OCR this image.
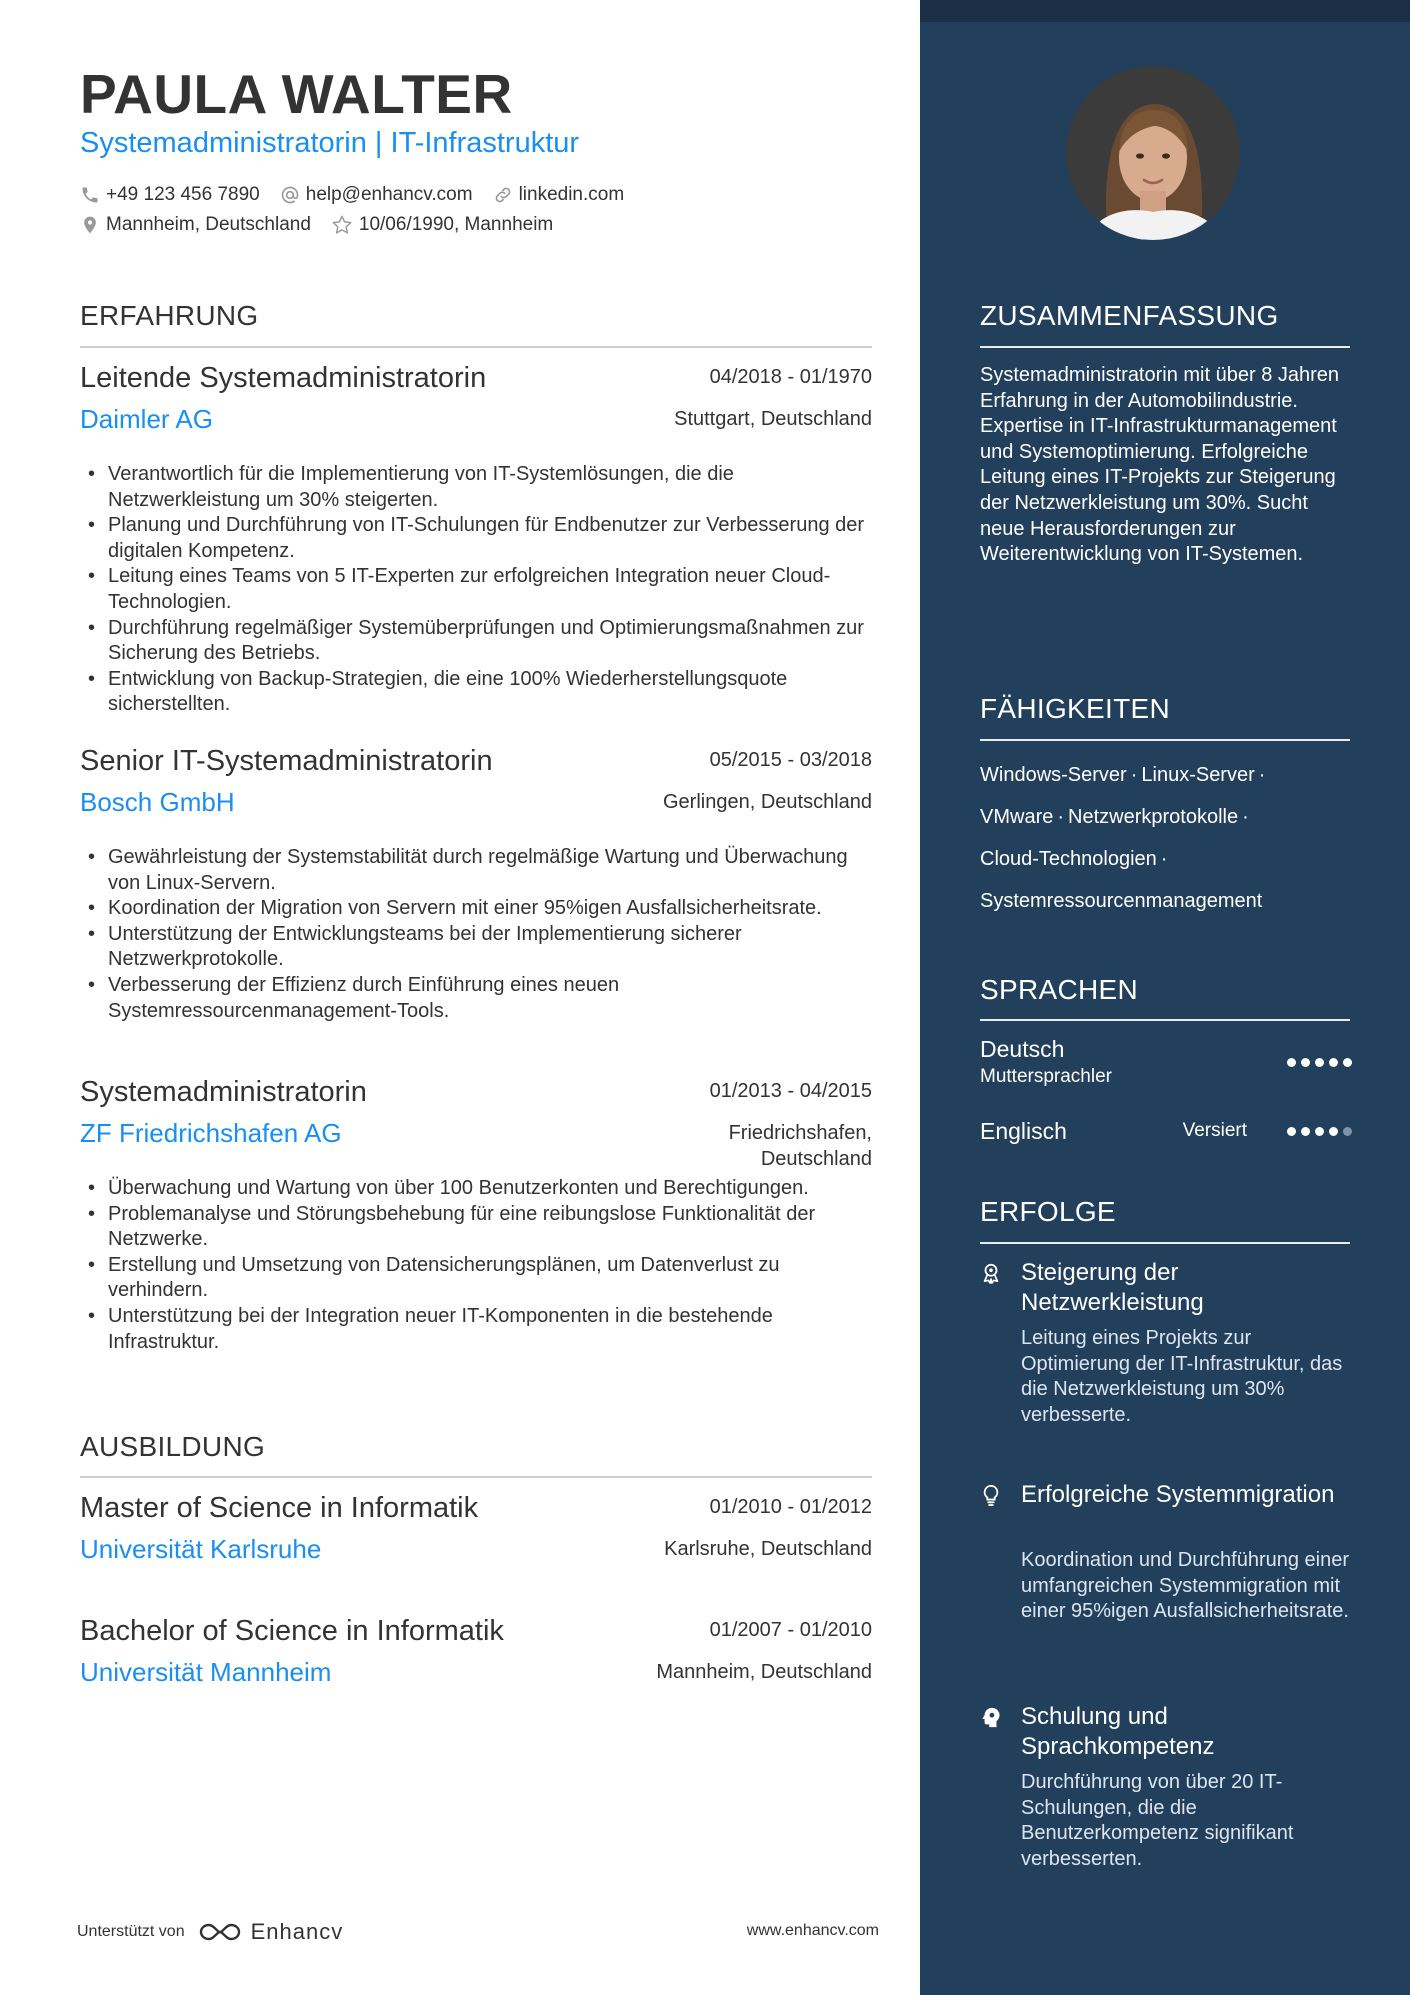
PAULA WALTER
Systemadministratorin | IT-Infrastruktur
+49 123 456 7890 help@enhancv.com linkedin.com
Mannheim, Deutschland	10/06/1990, Mannheim
ERFAHRUNG
Leitende Systemadministratorin	04/2018 - 01/1970
Daimler AG	Stuttgart, Deutschland
• Verantwortlich für die Implementierung von IT-Systemlösungen, die die Netzwerkleistung um 30% steigerten.
• Planung und Durchführung von IT-Schulungen für Endbenutzer zur Verbesserung der digitalen Kompetenz.
• Leitung eines Teams von 5 IT-Experten zur erfolgreichen Integration neuer Cloud-Technologien.
• Durchführung regelmäßiger Systemüberprüfungen und Optimierungsmaßnahmen zur Sicherung des Betriebs.
• Entwicklung von Backup-Strategien, die eine 100% Wiederherstellungsquote sicherstellten.
Senior IT-Systemadministratorin	05/2015 - 03/2018
Bosch GmbH	Gerlingen, Deutschland
• Gewährleistung der Systemstabilität durch regelmäßige Wartung und Überwachung von Linux-Servern.
• Koordination der Migration von Servern mit einer 95%igen Ausfallsicherheitsrate.
• Unterstützung der Entwicklungsteams bei der Implementierung sicherer Netzwerkprotokolle.
• Verbesserung der Effizienz durch Einführung eines neuen Systemressourcenmanagement-Tools.
Systemadministratorin	01/2013 - 04/2015
ZF Friedrichshafen AG	Friedrichshafen, Deutschland
• Überwachung und Wartung von über 100 Benutzerkonten und Berechtigungen.
• Problemanalyse und Störungsbehebung für eine reibungslose Funktionalität der Netzwerke.
• Erstellung und Umsetzung von Datensicherungsplänen, um Datenverlust zu verhindern.
• Unterstützung bei der Integration neuer IT-Komponenten in die bestehende Infrastruktur.
AUSBILDUNG
Master of Science in Informatik	01/2010 - 01/2012
Universität Karlsruhe	Karlsruhe, Deutschland
Bachelor of Science in Informatik	01/2007 - 01/2010
Universität Mannheim	Mannheim, Deutschland
Unterstützt von	Enhancv	www.enhancv.com
ZUSAMMENFASSUNG
Systemadministratorin mit über 8 Jahren Erfahrung in der Automobilindustrie. Expertise in IT-Infrastrukturmanagement und Systemoptimierung. Erfolgreiche Leitung eines IT-Projekts zur Steigerung der Netzwerkleistung um 30%. Sucht neue Herausforderungen zur Weiterentwicklung von IT-Systemen.
FÄHIGKEITEN
Windows-Server · Linux-Server ·
VMware · Netzwerkprotokolle ·
Cloud-Technologien ·
Systemressourcenmanagement
SPRACHEN
Deutsch
Muttersprachler
Englisch	Versiert
ERFOLGE
Steigerung der Netzwerkleistung
Leitung eines Projekts zur Optimierung der IT-Infrastruktur, das die Netzwerkleistung um 30% verbesserte.
Erfolgreiche Systemmigration
Koordination und Durchführung einer umfangreichen Systemmigration mit einer 95%igen Ausfallsicherheitsrate.
Schulung und Sprachkompetenz
Durchführung von über 20 IT-Schulungen, die die Benutzerkompetenz signifikant verbesserten.
